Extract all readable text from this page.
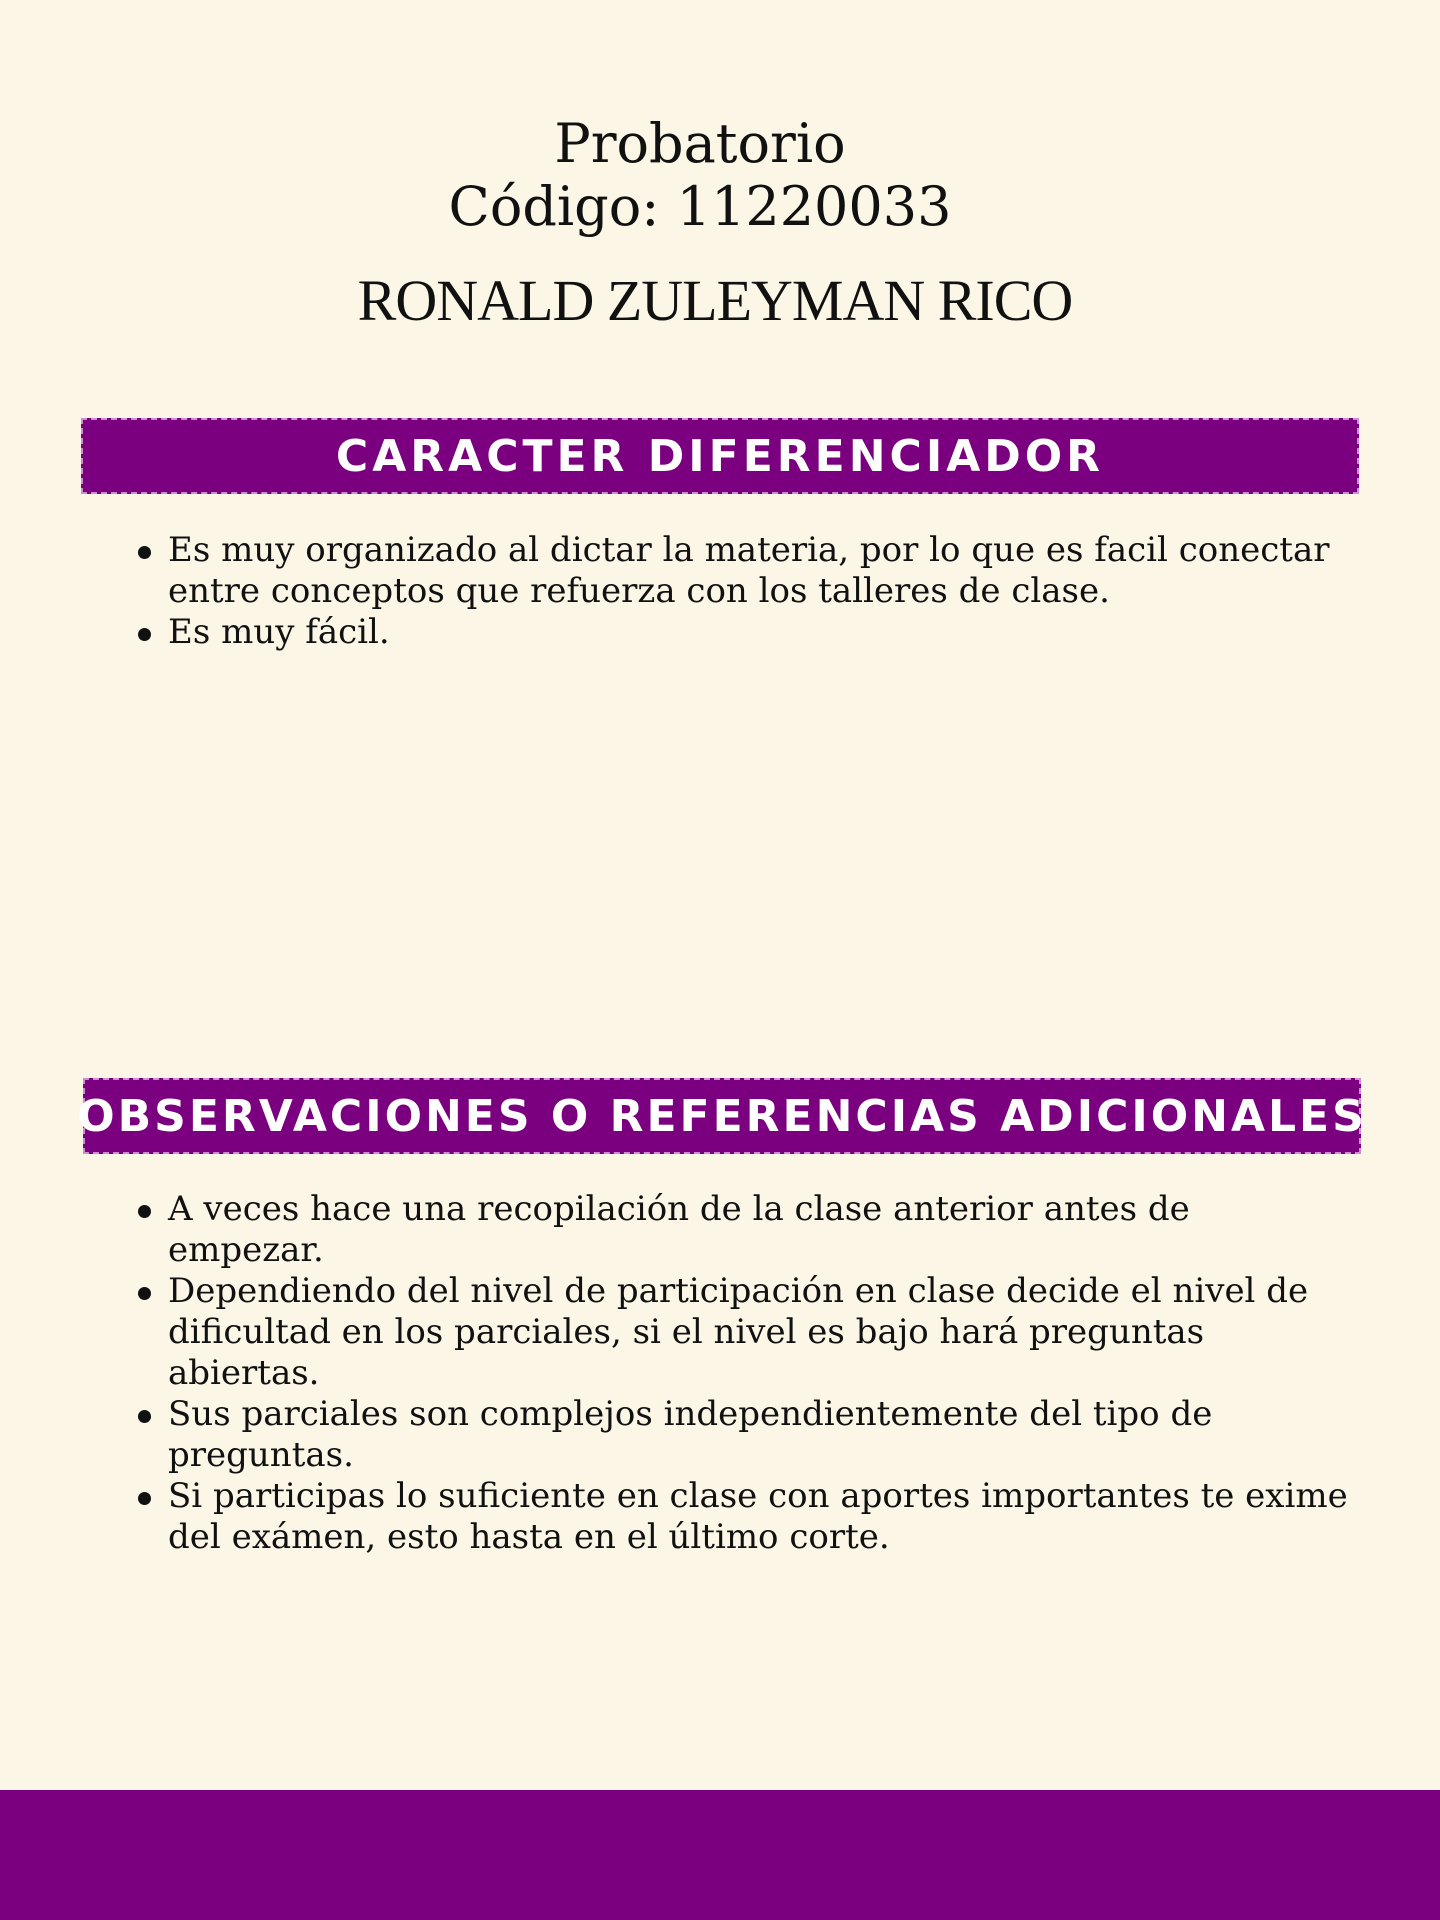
Probatorio
Código: 11220033
RONALD ZULEYMAN RICO
CARACTER DIFERENCIADOR
Es muy organizado al dictar la materia, por lo que es facil conectar entre conceptos que refuerza con los talleres de clase.
Es muy fácil.
OBSERVACIONES O REFERENCIAS ADICIONALES
A veces hace una recopilación de la clase anterior antes de empezar.
Dependiendo del nivel de participación en clase decide el nivel de dificultad en los parciales, si el nivel es bajo hará preguntas abiertas.
Sus parciales son complejos independientemente del tipo de preguntas.
Si participas lo suficiente en clase con aportes importantes te exime del exámen, esto hasta en el último corte.
